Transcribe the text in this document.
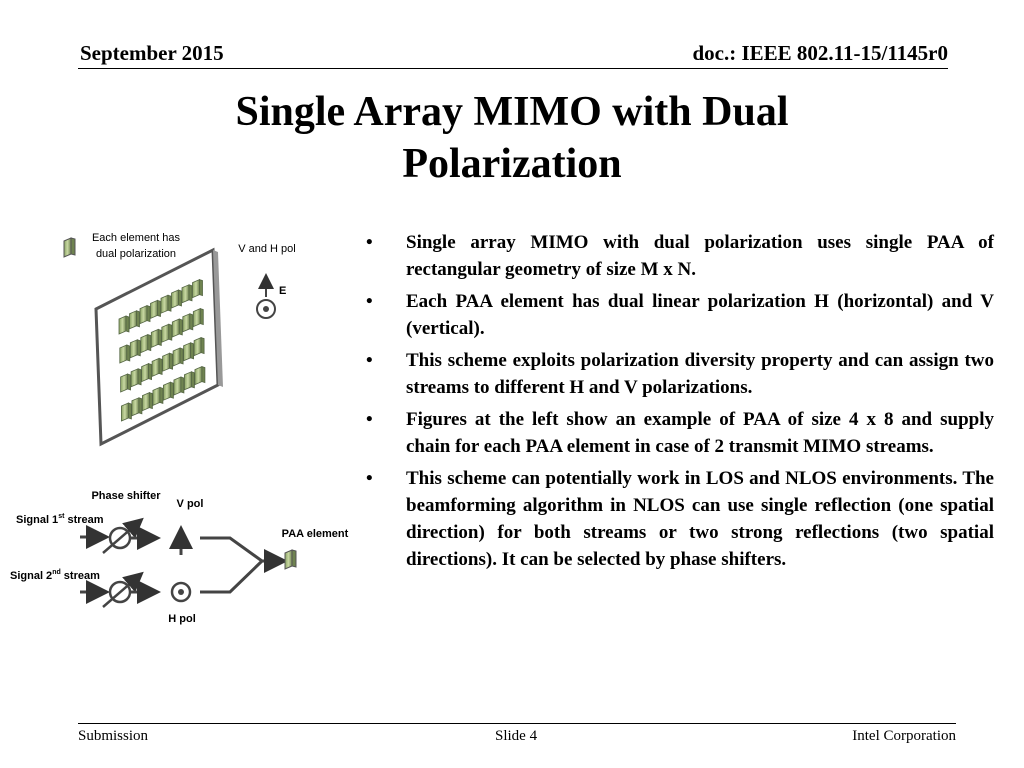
September 2015	doc.: IEEE 802.11-15/1145r0
Single Array MIMO with Dual
Polarization
Each element has
dual polarization	V and H pol
E
Phase shifter
V pol
Signal 1st stream
Signal 2nd stream
PAA element
H pol
• Single array MIMO with dual polarization uses single PAA of rectangular geometry of size M x N.
• Each PAA element has dual linear polarization H (horizontal) and V (vertical).
• This scheme exploits polarization diversity property and can assign two streams to different H and V polarizations.
• Figures at the left show an example of PAA of size 4 x 8 and supply chain for each PAA element in case of 2 transmit MIMO streams.
• This scheme can potentially work in LOS and NLOS environments. The beamforming algorithm in NLOS can use single reflection (one spatial direction) for both streams or two strong reflections (two spatial directions). It can be selected by phase shifters.
Submission	Slide 4	Intel Corporation
